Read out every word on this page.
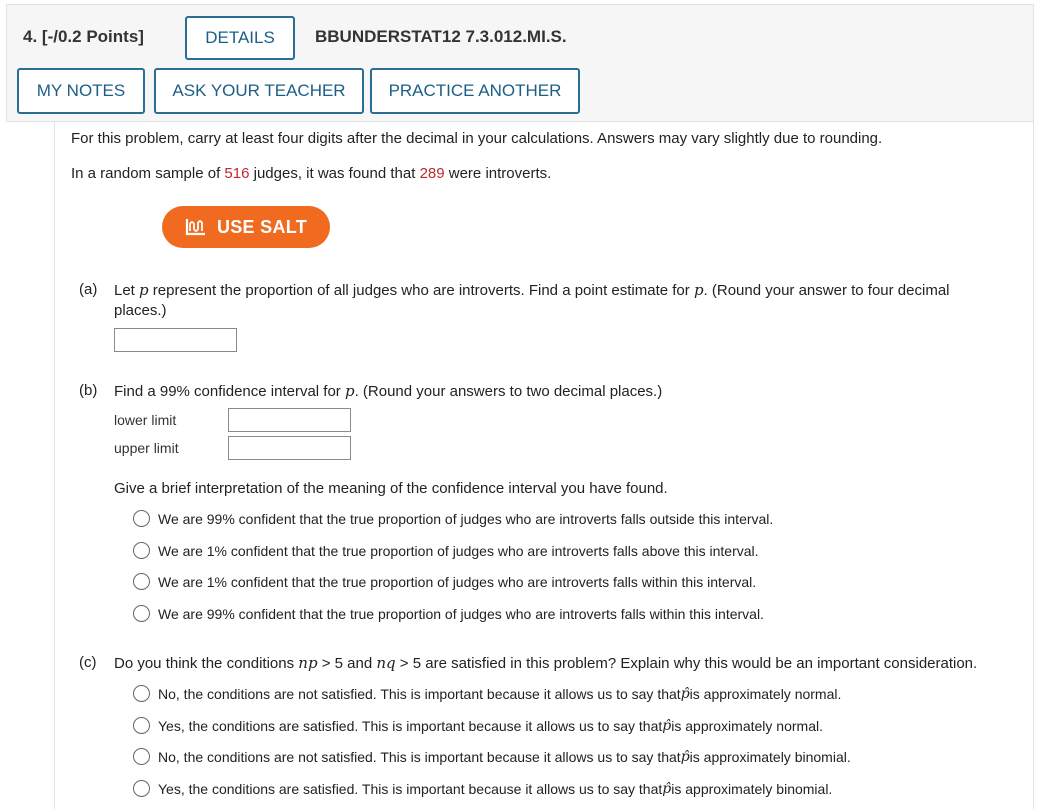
4. [-/0.2 Points]	DETAILS	BBUNDERSTAT12 7.3.012.MI.S.
MY NOTES	ASK YOUR TEACHER	PRACTICE ANOTHER
For this problem, carry at least four digits after the decimal in your calculations. Answers may vary slightly due to rounding.
In a random sample of 516 judges, it was found that 289 were introverts.
USE SALT
(a) Let p represent the proportion of all judges who are introverts. Find a point estimate for p. (Round your answer to four decimal
places.)
(b) Find a 99% confidence interval for p. (Round your answers to two decimal places.)
lower limit
upper limit
Give a brief interpretation of the meaning of the confidence interval you have found.
We are 99% confident that the true proportion of judges who are introverts falls outside this interval.
We are 1% confident that the true proportion of judges who are introverts falls above this interval.
We are 1% confident that the true proportion of judges who are introverts falls within this interval.
We are 99% confident that the true proportion of judges who are introverts falls within this interval.
(c) Do you think the conditions np > 5 and nq > 5 are satisfied in this problem? Explain why this would be an important consideration.
No, the conditions are not satisfied. This is important because it allows us to say that p̂ is approximately normal.
Yes, the conditions are satisfied. This is important because it allows us to say that p̂ is approximately normal.
No, the conditions are not satisfied. This is important because it allows us to say that p̂ is approximately binomial.
Yes, the conditions are satisfied. This is important because it allows us to say that p̂ is approximately binomial.
